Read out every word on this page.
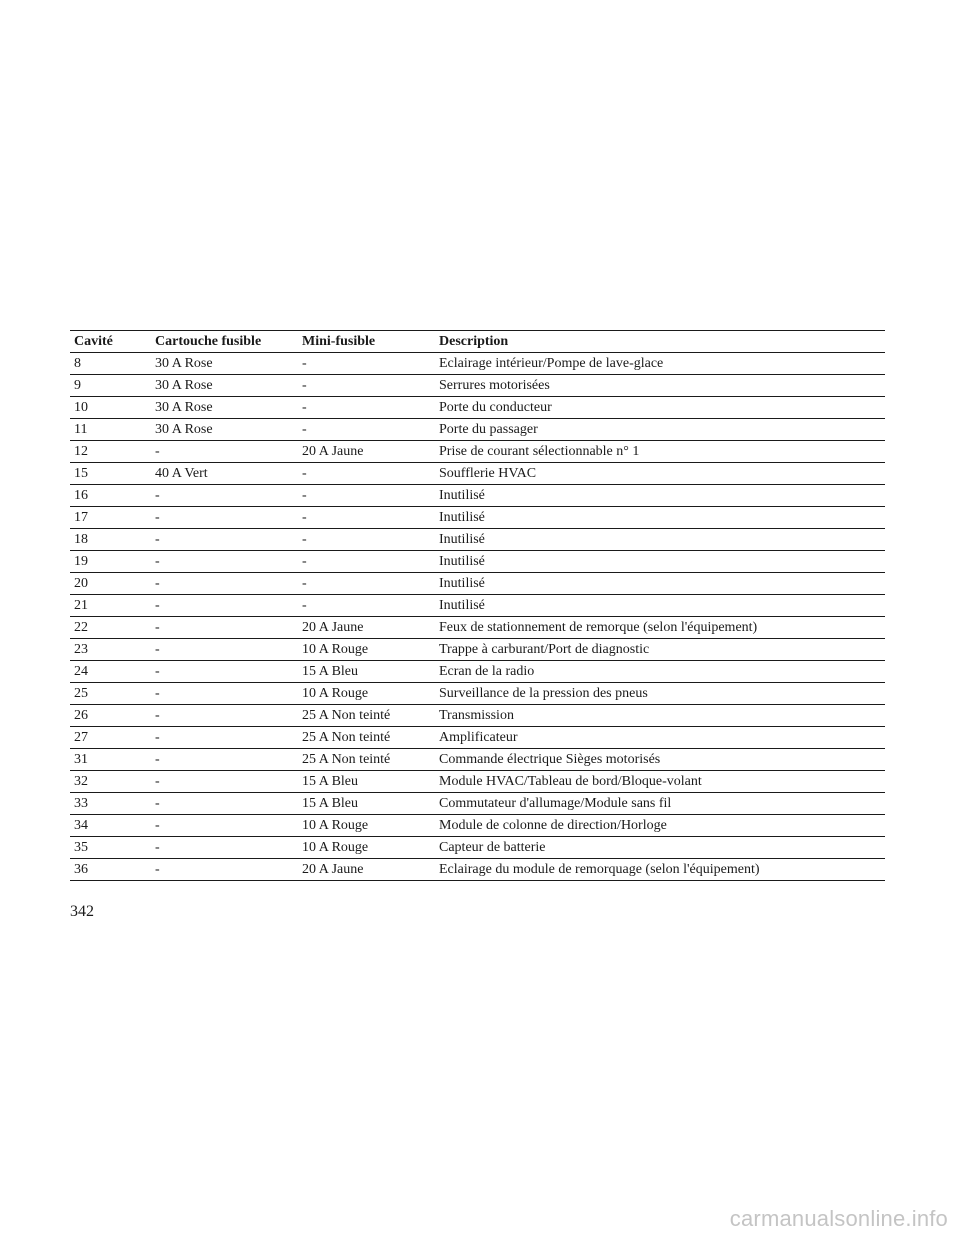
Cavité	Cartouche fusible	Mini-fusible	Description
8	30 A Rose	-	Eclairage intérieur/Pompe de lave-glace
9	30 A Rose	-	Serrures motorisées
10	30 A Rose	-	Porte du conducteur
11	30 A Rose	-	Porte du passager
12	-	20 A Jaune	Prise de courant sélectionnable n° 1
15	40 A Vert	-	Soufflerie HVAC
16	-	-	Inutilisé
17	-	-	Inutilisé
18	-	-	Inutilisé
19	-	-	Inutilisé
20	-	-	Inutilisé
21	-	-	Inutilisé
22	-	20 A Jaune	Feux de stationnement de remorque (selon l'équipement)
23	-	10 A Rouge	Trappe à carburant/Port de diagnostic
24	-	15 A Bleu	Ecran de la radio
25	-	10 A Rouge	Surveillance de la pression des pneus
26	-	25 A Non teinté	Transmission
27	-	25 A Non teinté	Amplificateur
31	-	25 A Non teinté	Commande électrique Sièges motorisés
32	-	15 A Bleu	Module HVAC/Tableau de bord/Bloque-volant
33	-	15 A Bleu	Commutateur d'allumage/Module sans fil
34	-	10 A Rouge	Module de colonne de direction/Horloge
35	-	10 A Rouge	Capteur de batterie
36	-	20 A Jaune	Eclairage du module de remorquage (selon l'équipement)
342
carmanualsonline.info
